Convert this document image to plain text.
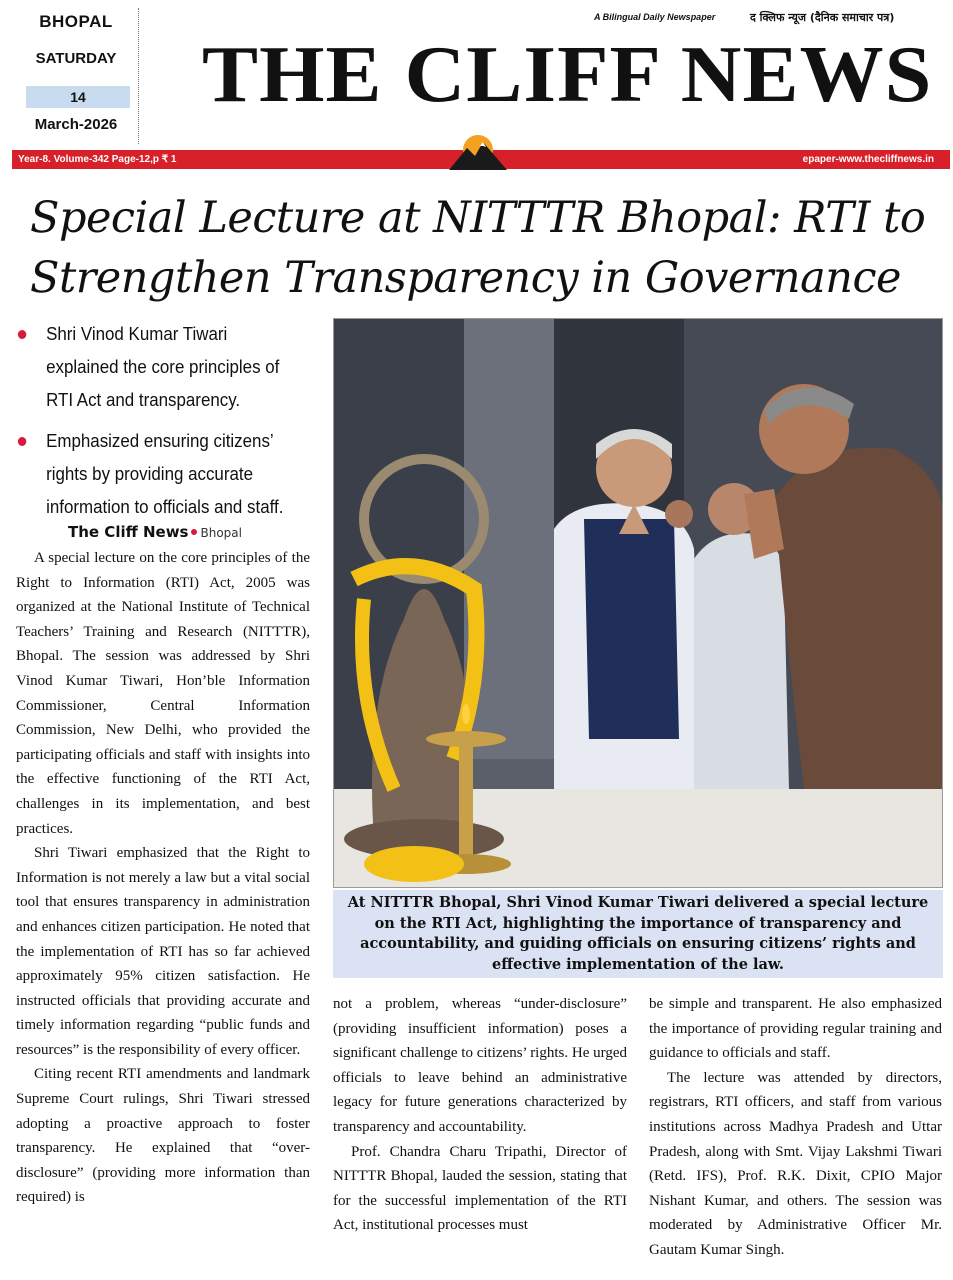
BHOPAL
SATURDAY
14
March-2026
A Bilingual Daily Newspaper	द क्लिफ न्यूज (दैनिक समाचार पत्र)
THE CLIFF NEWS
Year-8. Volume-342 Page-12,p ₹ 1	epaper-www.thecliffnews.in
Special Lecture at NITTTR Bhopal: RTI to Strengthen Transparency in Governance
Shri Vinod Kumar Tiwari explained the core principles of RTI Act and transparency.
Emphasized ensuring citizens’ rights by providing accurate information to officials and staff.
The Cliff News Bhopal

A special lecture on the core principles of the Right to Information (RTI) Act, 2005 was organized at the National Institute of Technical Teachers’ Training and Research (NITTTR), Bhopal. The session was addressed by Shri Vinod Kumar Tiwari, Hon’ble Information Commissioner, Central Information Commission, New Delhi, who provided the participating officials and staff with insights into the effective functioning of the RTI Act, challenges in its implementation, and best practices.

Shri Tiwari emphasized that the Right to Information is not merely a law but a vital social tool that ensures transparency in administration and enhances citizen participation. He noted that the implementation of RTI has so far achieved approximately 95% citizen satisfaction. He instructed officials that providing accurate and timely information regarding “public funds and resources” is the responsibility of every officer.

Citing recent RTI amendments and landmark Supreme Court rulings, Shri Tiwari stressed adopting a proactive approach to foster transparency. He explained that “over-disclosure” (providing more information than required) is

At NITTTR Bhopal, Shri Vinod Kumar Tiwari delivered a special lecture on the RTI Act, highlighting the importance of transparency and accountability, and guiding officials on ensuring citizens’ rights and effective implementation of the law.

not a problem, whereas “under-disclosure” (providing insufficient information) poses a significant challenge to citizens’ rights. He urged officials to leave behind an administrative legacy for future generations characterized by transparency and accountability.

Prof. Chandra Charu Tripathi, Director of NITTTR Bhopal, lauded the session, stating that for the successful implementation of the RTI Act, institutional processes must

be simple and transparent. He also emphasized the importance of providing regular training and guidance to officials and staff.

The lecture was attended by directors, registrars, RTI officers, and staff from various institutions across Madhya Pradesh and Uttar Pradesh, along with Smt. Vijay Lakshmi Tiwari (Retd. IFS), Prof. R.K. Dixit, CPIO Major Nishant Kumar, and others. The session was moderated by Administrative Officer Mr. Gautam Kumar Singh.
